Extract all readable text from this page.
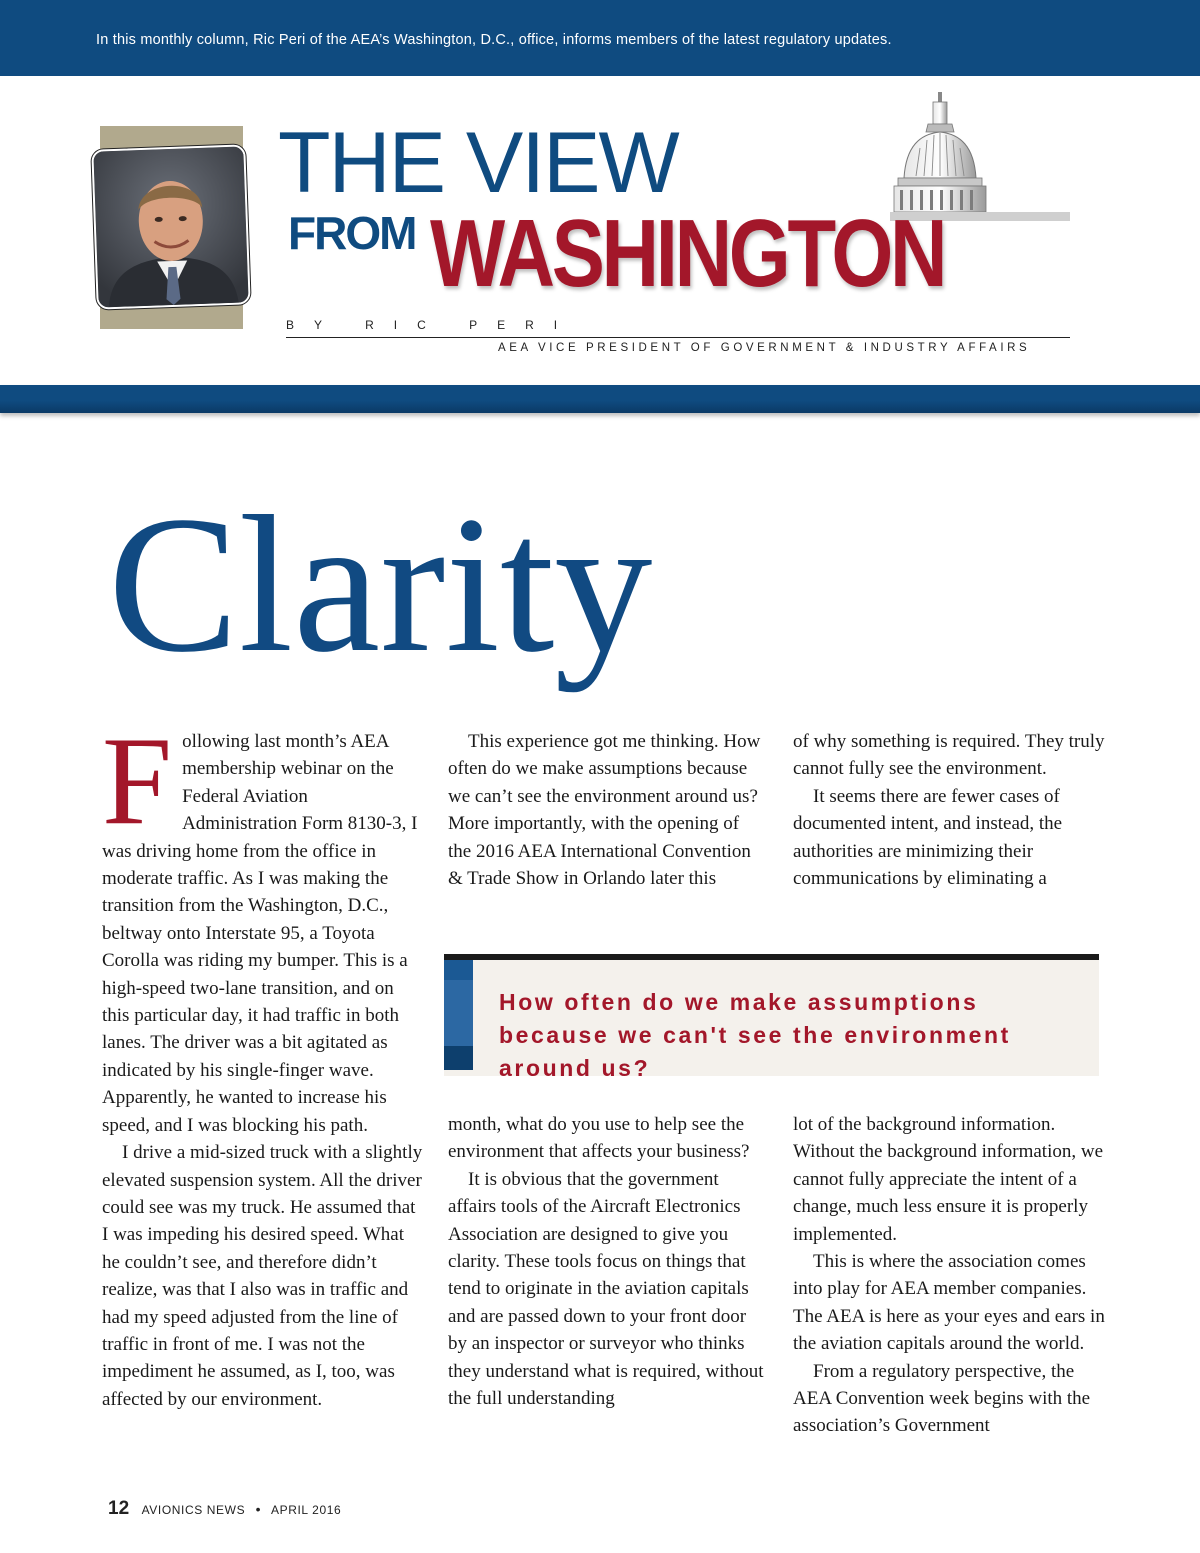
In this monthly column, Ric Peri of the AEA’s Washington, D.C., office, informs members of the latest regulatory updates.
THE VIEW
FROM WASHINGTON
BY RIC PERI
AEA VICE PRESIDENT OF GOVERNMENT & INDUSTRY AFFAIRS
Clarity

Following last month’s AEA membership webinar on the Federal Aviation Administration Form 8130-3, I was driving home from the office in moderate traffic. As I was making the transition from the Washington, D.C., beltway onto Interstate 95, a Toyota Corolla was riding my bumper. This is a high-speed two-lane transition, and on this particular day, it had traffic in both lanes. The driver was a bit agitated as indicated by his single-finger wave. Apparently, he wanted to increase his speed, and I was blocking his path.

I drive a mid-sized truck with a slightly elevated suspension system. All the driver could see was my truck. He assumed that I was impeding his desired speed. What he couldn’t see, and therefore didn’t realize, was that I also was in traffic and had my speed adjusted from the line of traffic in front of me. I was not the impediment he assumed, as I, too, was affected by our environment.

This experience got me thinking. How often do we make assumptions because we can’t see the environment around us? More importantly, with the opening of the 2016 AEA International Convention & Trade Show in Orlando later this

of why something is required. They truly cannot fully see the environment.

It seems there are fewer cases of documented intent, and instead, the authorities are minimizing their communications by eliminating a

How often do we make assumptions because we can't see the environment around us?

month, what do you use to help see the environment that affects your business?

It is obvious that the government affairs tools of the Aircraft Electronics Association are designed to give you clarity. These tools focus on things that tend to originate in the aviation capitals and are passed down to your front door by an inspector or surveyor who thinks they understand what is required, without the full understanding

lot of the background information. Without the background information, we cannot fully appreciate the intent of a change, much less ensure it is properly implemented.

This is where the association comes into play for AEA member companies. The AEA is here as your eyes and ears in the aviation capitals around the world.

From a regulatory perspective, the AEA Convention week begins with the association’s Government

12 AVIONICS NEWS • APRIL 2016
